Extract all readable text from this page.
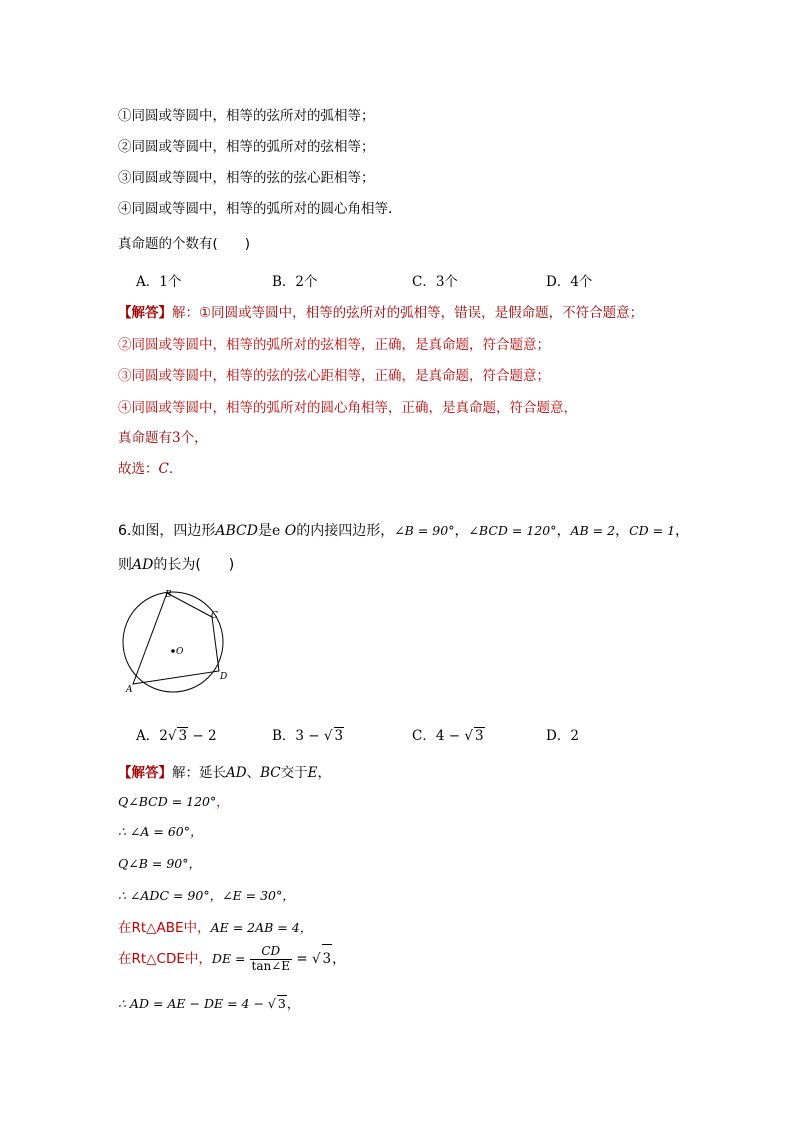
①同圆或等圆中，相等的弦所对的弧相等；
②同圆或等圆中，相等的弧所对的弦相等；
③同圆或等圆中，相等的弦的弦心距相等；
④同圆或等圆中，相等的弧所对的圆心角相等.
真命题的个数有(　　)
A．1个	B．2个	C．3个	D．4个
【解答】解：①同圆或等圆中，相等的弦所对的弧相等，错误，是假命题，不符合题意；
②同圆或等圆中，相等的弧所对的弦相等，正确，是真命题，符合题意；
③同圆或等圆中，相等的弦的弦心距相等，正确，是真命题，符合题意；
④同圆或等圆中，相等的弧所对的圆心角相等，正确，是真命题，符合题意，
真命题有3个，
故选：C．
6.如图，四边形ABCD是e O的内接四边形，∠B = 90°，∠BCD = 120°，AB = 2，CD = 1，
则AD的长为(　　)
A
B
C
D
O
A．2√ 3 − 2	B．3 − √ 3	C．4 − √ 3	D．2
【解答】解：延长AD、BC交于E，
Q∠BCD = 120°，
∴ ∠A = 60°，
Q∠B = 90°，
∴ ∠ADC = 90°，∠E = 30°，
在Rt△ABE中，AE = 2AB = 4，
在Rt△CDE中，DE = $\frac{CD}{\tan\angle E}$ = √ 3，
∴ AD = AE − DE = 4 − √ 3，
